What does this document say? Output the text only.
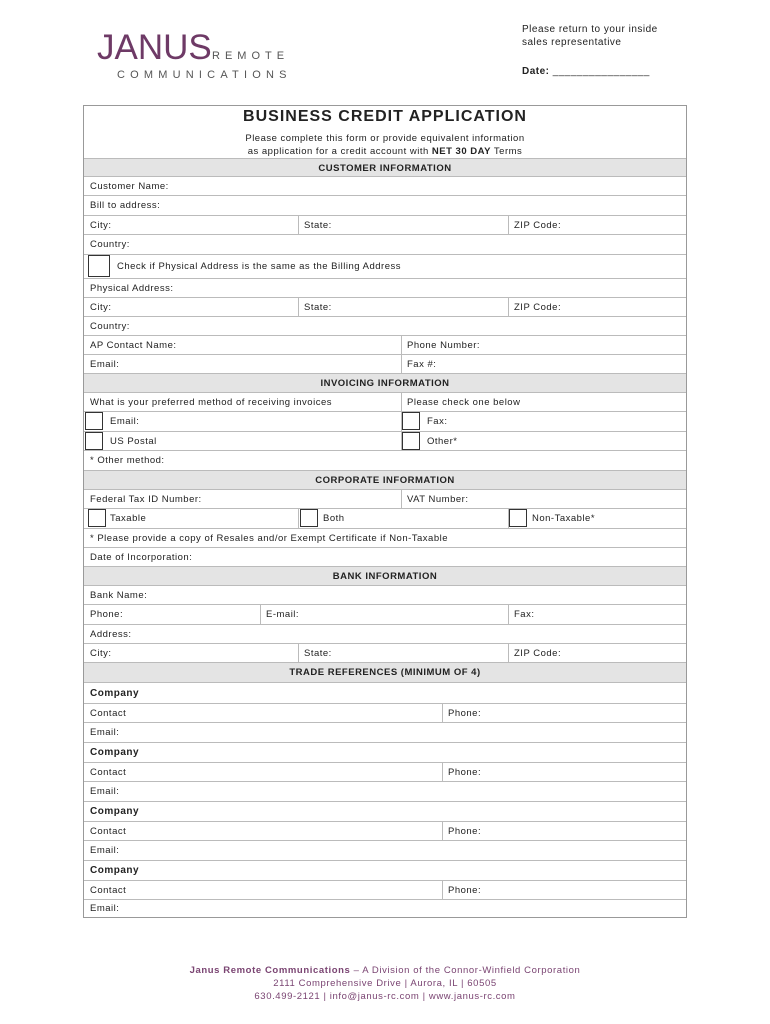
JANUS REMOTE
COMMUNICATIONS
Please return to your inside
sales representative
Date: ________________
BUSINESS CREDIT APPLICATION
Please complete this form or provide equivalent information
as application for a credit account with NET 30 DAY Terms
CUSTOMER INFORMATION
Customer Name:
Bill to address:
City:	State:	ZIP Code:
Country:
Check if Physical Address is the same as the Billing Address
Physical Address:
City:	State:	ZIP Code:
Country:
AP Contact Name:	Phone Number:
Email:	Fax #:
INVOICING INFORMATION
What is your preferred method of receiving invoices	Please check one below
Email:	Fax:
US Postal	Other*
* Other method:
CORPORATE INFORMATION
Federal Tax ID Number:	VAT Number:
Taxable	Both	Non-Taxable*
* Please provide a copy of Resales and/or Exempt Certificate if Non-Taxable
Date of Incorporation:
BANK INFORMATION
Bank Name:
Phone:	E-mail:	Fax:
Address:
City:	State:	ZIP Code:
TRADE REFERENCES (MINIMUM OF 4)
Company
Contact	Phone:
Email:
Company
Contact	Phone:
Email:
Company
Contact	Phone:
Email:
Company
Contact	Phone:
Email:
Janus Remote Communications – A Division of the Connor-Winfield Corporation
2111 Comprehensive Drive | Aurora, IL | 60505
630.499-2121 | info@janus-rc.com | www.janus-rc.com
